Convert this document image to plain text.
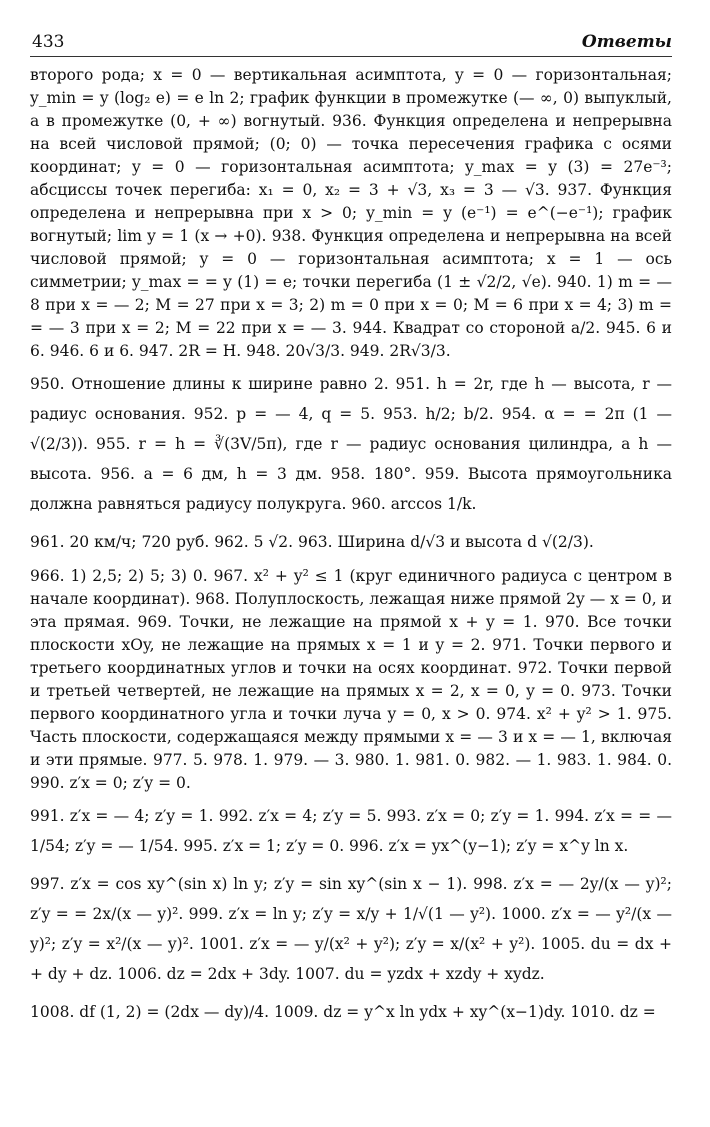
433	Ответы

второго рода; x = 0 — вертикальная асимптота, y = 0 — горизонтальная; y_min = y (log₂ e) = e ln 2; график функции в промежутке (— ∞, 0) выпуклый, а в промежутке (0, + ∞) вогнутый. 936. Функция определена и непрерывна на всей числовой прямой; (0; 0) — точка пересечения графика с осями координат; y = 0 — горизонтальная асимптота; y_max = y (3) = 27e⁻³; абсциссы точек перегиба: x₁ = 0, x₂ = 3 + √3, x₃ = 3 — √3. 937. Функция определена и непрерывна при x > 0; y_min = y (e⁻¹) = e^(−e⁻¹); график вогнутый; lim y = 1 (x → +0). 938. Функция определена и непрерывна на всей числовой прямой; y = 0 — горизонтальная асимптота; x = 1 — ось симметрии; y_max = = y (1) = e; точки перегиба (1 ± √2/2, √e). 940. 1) m = — 8 при x = — 2; M = 27 при x = 3; 2) m = 0 при x = 0; M = 6 при x = 4; 3) m = = — 3 при x = 2; M = 22 при x = — 3. 944. Квадрат со стороной a/2. 945. 6 и 6. 946. 6 и 6. 947. 2R = H. 948. 20√3/3. 949. 2R√3/3.

950. Отношение длины к ширине равно 2. 951. h = 2r, где h — высота, r — радиус основания. 952. p = — 4, q = 5. 953. h/2; b/2. 954. α = = 2π (1 — √(2/3)). 955. r = h = ∛(3V/5π), где r — радиус основания цилиндра, а h — высота. 956. a = 6 дм, h = 3 дм. 958. 180°. 959. Высота прямоугольника должна равняться радиусу полукруга. 960. arccos 1/k.

961. 20 км/ч; 720 руб. 962. 5 √2. 963. Ширина d/√3 и высота d √(2/3).

966. 1) 2,5; 2) 5; 3) 0. 967. x² + y² ≤ 1 (круг единичного радиуса с центром в начале координат). 968. Полуплоскость, лежащая ниже прямой 2y — x = 0, и эта прямая. 969. Точки, не лежащие на прямой x + y = 1. 970. Все точки плоскости xOy, не лежащие на прямых x = 1 и y = 2. 971. Точки первого и третьего координатных углов и точки на осях координат. 972. Точки первой и третьей четвертей, не лежащие на прямых x = 2, x = 0, y = 0. 973. Точки первого координатного угла и точки луча y = 0, x > 0. 974. x² + y² > 1. 975. Часть плоскости, содержащаяся между прямыми x = — 3 и x = — 1, включая и эти прямые. 977. 5. 978. 1. 979. — 3. 980. 1. 981. 0. 982. — 1. 983. 1. 984. 0. 990. z′x = 0; z′y = 0.

991. z′x = — 4; z′y = 1. 992. z′x = 4; z′y = 5. 993. z′x = 0; z′y = 1. 994. z′x = = — 1/54; z′y = — 1/54. 995. z′x = 1; z′y = 0. 996. z′x = yx^(y−1); z′y = x^y ln x.

997. z′x = cos xy^(sin x) ln y; z′y = sin xy^(sin x − 1). 998. z′x = — 2y/(x — y)²; z′y = = 2x/(x — y)². 999. z′x = ln y; z′y = x/y + 1/√(1 — y²). 1000. z′x = — y²/(x — y)²; z′y = x²/(x — y)². 1001. z′x = — y/(x² + y²); z′y = x/(x² + y²). 1005. du = dx + + dy + dz. 1006. dz = 2dx + 3dy. 1007. du = yzdx + xzdy + xydz.

1008. df (1, 2) = (2dx — dy)/4. 1009. dz = y^x ln ydx + xy^(x−1)dy. 1010. dz =
